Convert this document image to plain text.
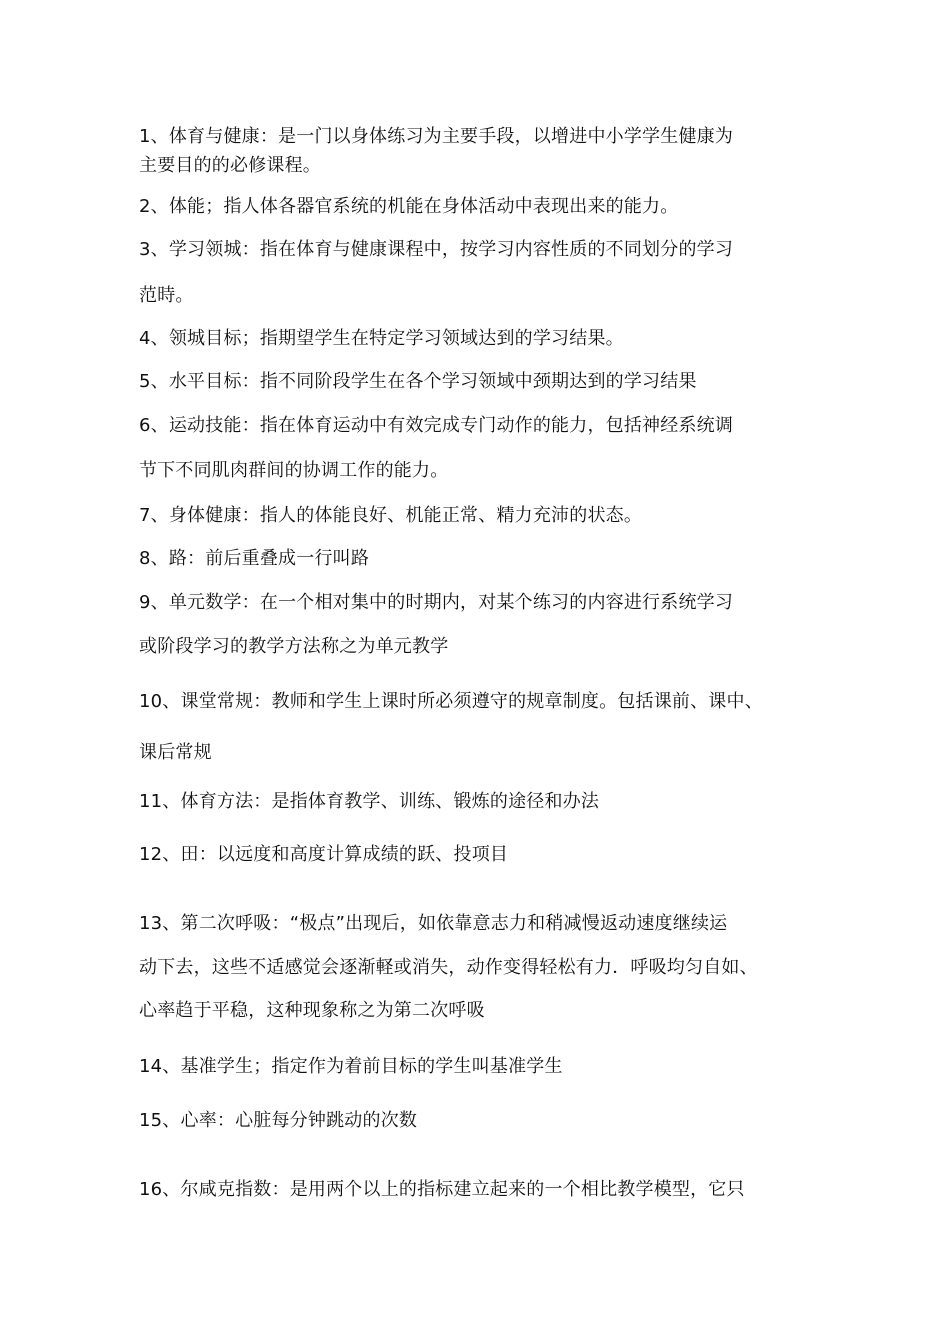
1、体育与健康：是一门以身体练习为主要手段，以增进中小学学生健康为
主要目的的必修课程。
2、体能；指人体各器官系统的机能在身体活动中表现出来的能力。
3、学习领城：指在体育与健康课程中，按学习内容性质的不同划分的学习
范時。
4、领城目标；指期望学生在特定学习领域达到的学习结果。
5、水平目标：指不同阶段学生在各个学习领域中颈期达到的学习结果
6、运动技能：指在体育运动中有效完成专门动作的能力，包括神经系统调
节下不同肌肉群间的协调工作的能力。
7、身体健康：指人的体能良好、机能正常、精力充沛的状态。
8、路：前后重叠成一行叫路
9、单元数学：在一个相对集中的时期内，对某个练习的内容进行系统学习
或阶段学习的教学方法称之为单元教学
10、课堂常规：教师和学生上课时所必须遵守的规章制度。包括课前、课中、
课后常规
11、体育方法：是指体育教学、训练、锻炼的途径和办法
12、田：以远度和高度计算成绩的跃、投项目
13、第二次呼吸：“极点”出现后，如依靠意志力和稍减慢返动速度继续运
动下去，这些不适感觉会逐渐軽或消失，动作变得轻松有力．呼吸均匀自如、
心率趋于平稳，这种现象称之为第二次呼吸
14、基准学生；指定作为着前目标的学生叫基准学生
15、心率：心脏每分钟跳动的次数
16、尔咸克指数：是用两个以上的指标建立起来的一个相比教学模型，它只
